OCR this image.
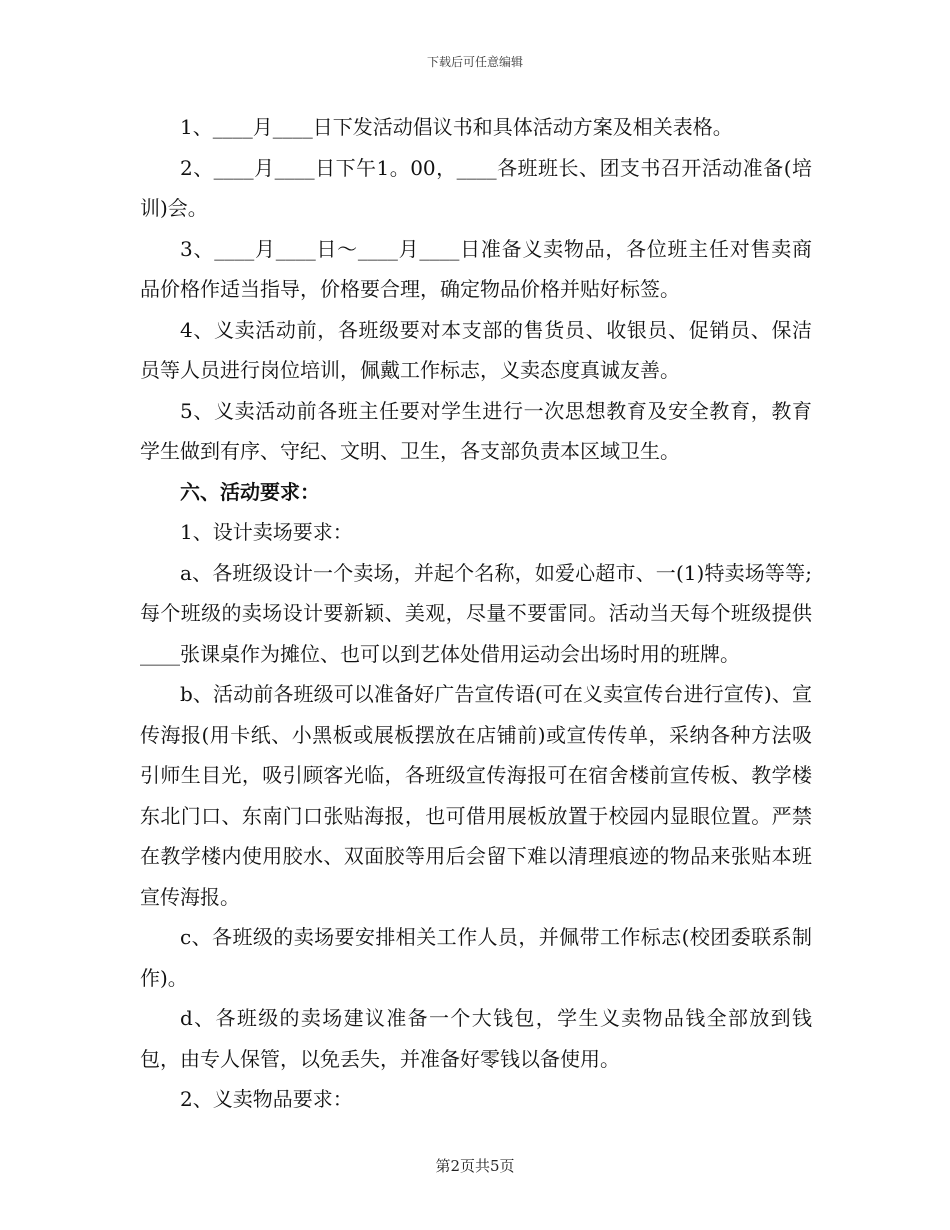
下载后可任意编辑

1、____月____日下发活动倡议书和具体活动方案及相关表格。

2、____月____日下午1。00，____各班班长、团支书召开活动准备(培训)会。

3、____月____日～____月____日准备义卖物品，各位班主任对售卖商品价格作适当指导，价格要合理，确定物品价格并贴好标签。

4、义卖活动前，各班级要对本支部的售货员、收银员、促销员、保洁员等人员进行岗位培训，佩戴工作标志，义卖态度真诚友善。

5、义卖活动前各班主任要对学生进行一次思想教育及安全教育，教育学生做到有序、守纪、文明、卫生，各支部负责本区域卫生。

六、活动要求：

1、设计卖场要求：

a、各班级设计一个卖场，并起个名称，如爱心超市、一(1)特卖场等等;每个班级的卖场设计要新颖、美观，尽量不要雷同。活动当天每个班级提供____张课桌作为摊位、也可以到艺体处借用运动会出场时用的班牌。

b、活动前各班级可以准备好广告宣传语(可在义卖宣传台进行宣传)、宣传海报(用卡纸、小黑板或展板摆放在店铺前)或宣传传单，采纳各种方法吸引师生目光，吸引顾客光临，各班级宣传海报可在宿舍楼前宣传板、教学楼东北门口、东南门口张贴海报，也可借用展板放置于校园内显眼位置。严禁在教学楼内使用胶水、双面胶等用后会留下难以清理痕迹的物品来张贴本班宣传海报。

c、各班级的卖场要安排相关工作人员，并佩带工作标志(校团委联系制作)。

d、各班级的卖场建议准备一个大钱包，学生义卖物品钱全部放到钱包，由专人保管，以免丢失，并准备好零钱以备使用。

2、义卖物品要求：

第2页共5页
